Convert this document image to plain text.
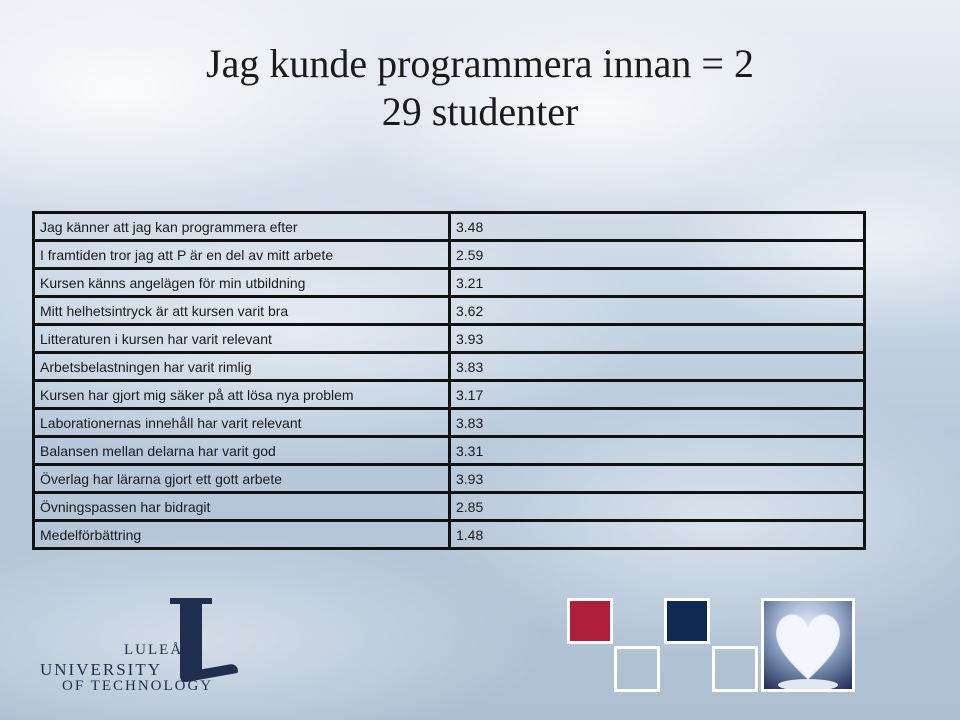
Jag kunde programmera innan = 2
29 studenter
Jag känner att jag kan programmera efter	3.48
I framtiden tror jag att P är en del av mitt arbete	2.59
Kursen känns angelägen för min utbildning	3.21
Mitt helhetsintryck är att kursen varit bra	3.62
Litteraturen i kursen har varit relevant	3.93
Arbetsbelastningen har varit rimlig	3.83
Kursen har gjort mig säker på att lösa nya problem	3.17
Laborationernas innehåll har varit relevant	3.83
Balansen mellan delarna har varit god	3.31
Överlag har lärarna gjort ett gott arbete	3.93
Övningspassen har bidragit	2.85
Medelförbättring	1.48
LULEÅ
UNIVERSITY
OF TECHNOLOGY
